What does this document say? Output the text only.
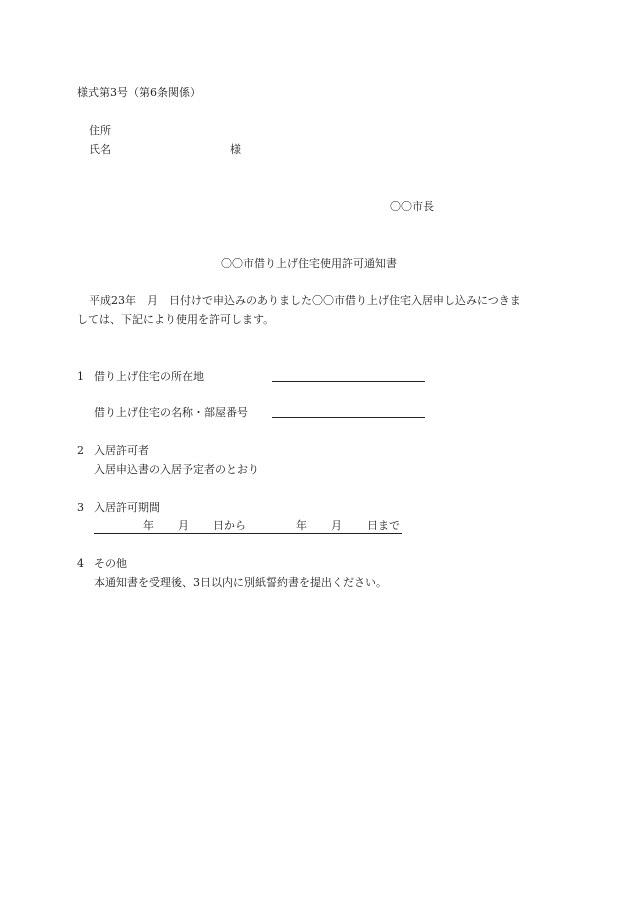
様式第3号（第6条関係）
住所
氏名	様
〇〇市長
〇〇市借り上げ住宅使用許可通知書
平成23年　月　日付けで申込みのありました〇〇市借り上げ住宅入居申し込みにつきま
しては、下記により使用を許可します。
1 借り上げ住宅の所在地
借り上げ住宅の名称・部屋番号
2 入居許可者
入居申込書の入居予定者のとおり
3 入居許可期間
年 月 日から	年 月 日まで
4 その他
本通知書を受理後、3日以内に別紙誓約書を提出ください。
